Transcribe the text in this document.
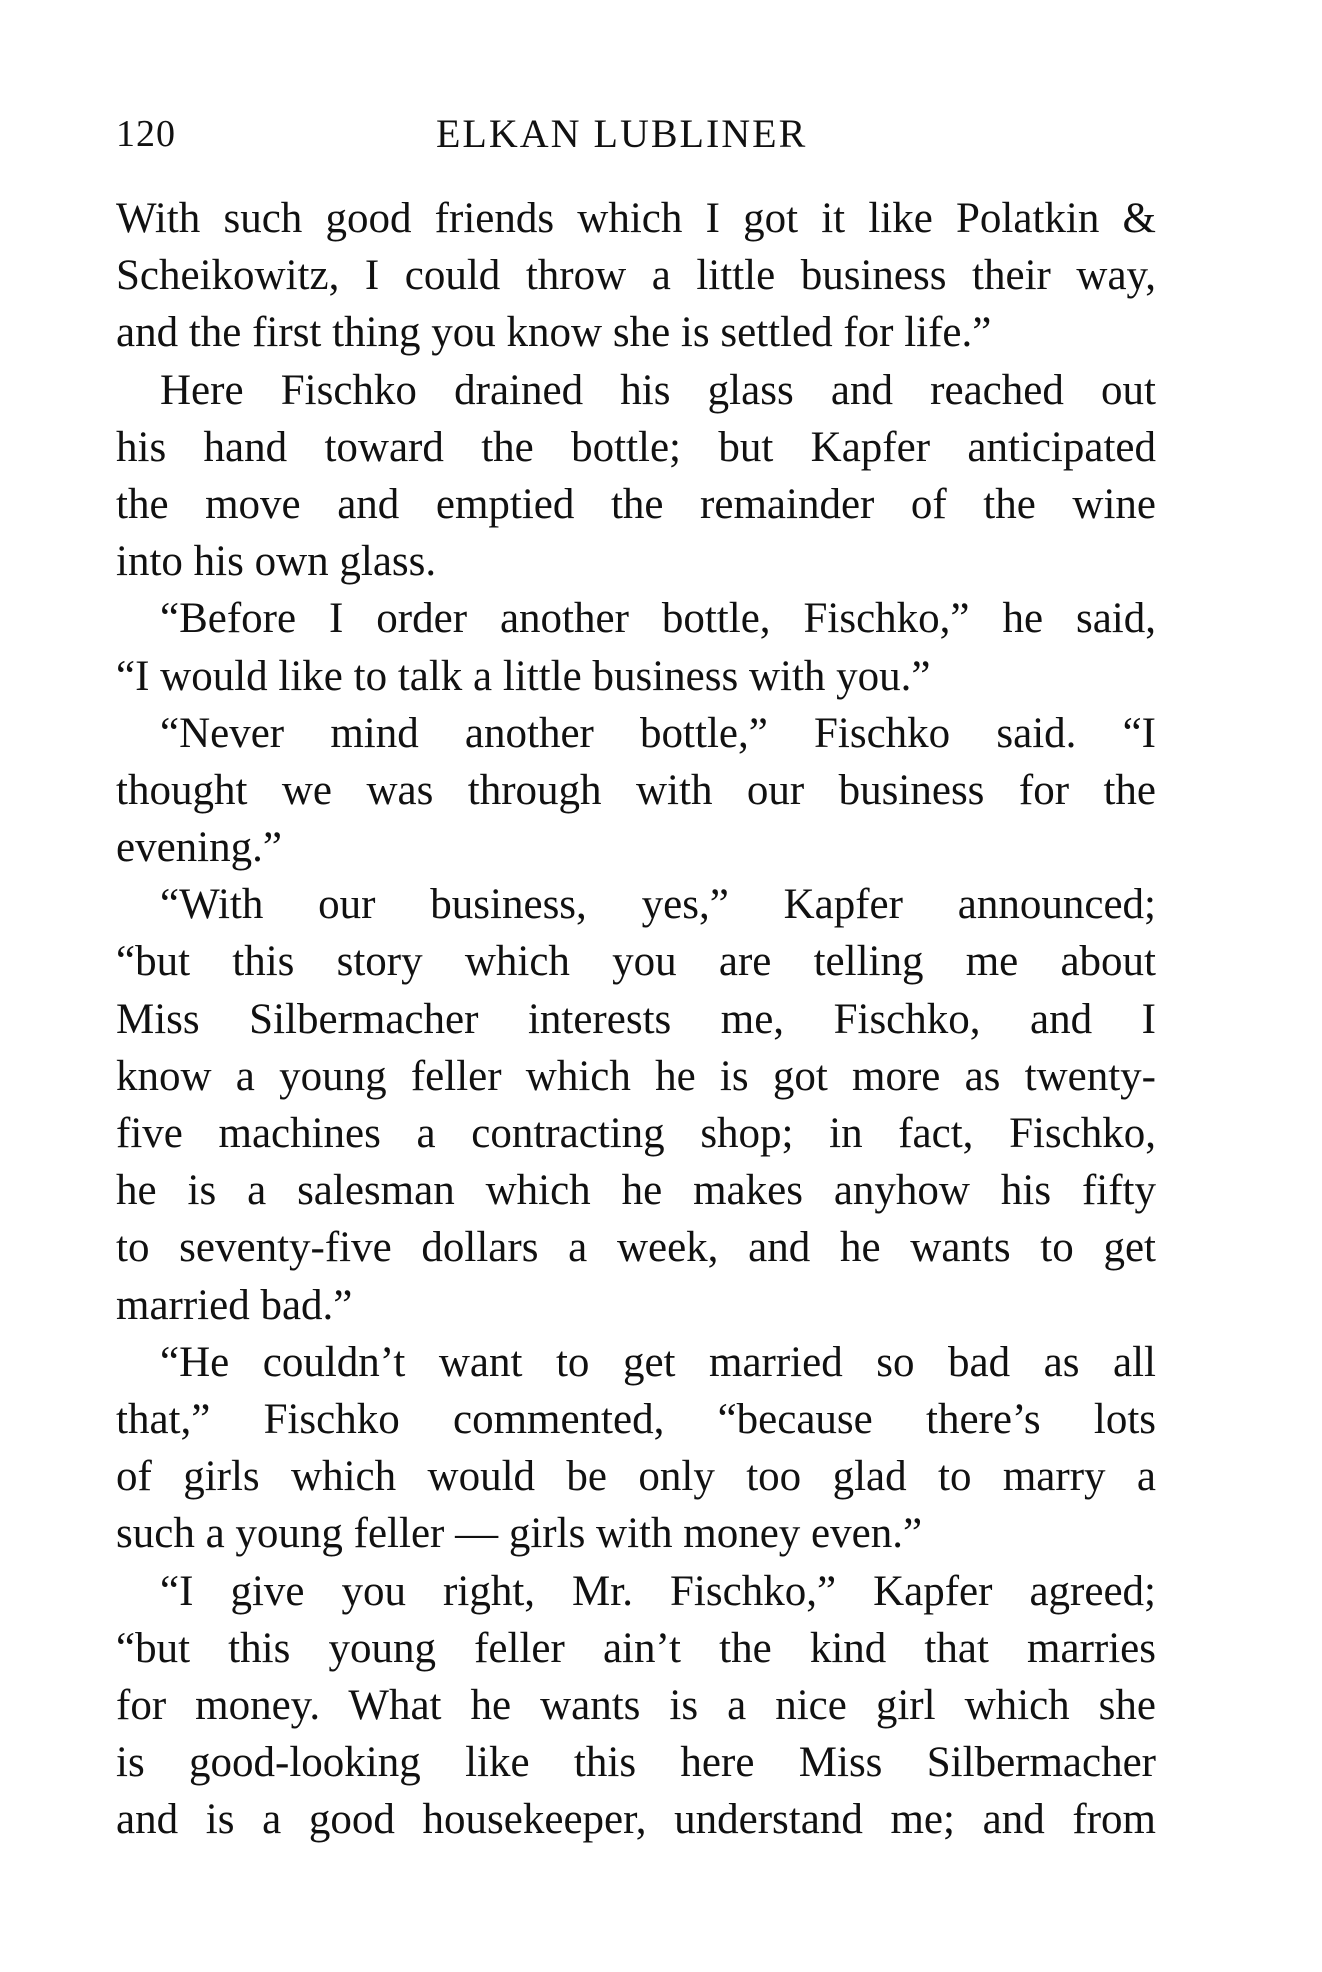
120	ELKAN LUBLINER
With such good friends which I got it like Polatkin &
Scheikowitz, I could throw a little business their way,
and the first thing you know she is settled for life.”
Here Fischko drained his glass and reached out
his hand toward the bottle; but Kapfer anticipated
the move and emptied the remainder of the wine
into his own glass.
“Before I order another bottle, Fischko,” he said,
“I would like to talk a little business with you.”
“Never mind another bottle,” Fischko said. “I
thought we was through with our business for the
evening.”
“With our business, yes,” Kapfer announced;
“but this story which you are telling me about
Miss Silbermacher interests me, Fischko, and I
know a young feller which he is got more as twenty-
five machines a contracting shop; in fact, Fischko,
he is a salesman which he makes anyhow his fifty
to seventy-five dollars a week, and he wants to get
married bad.”
“He couldn’t want to get married so bad as all
that,” Fischko commented, “because there’s lots
of girls which would be only too glad to marry a
such a young feller — girls with money even.”
“I give you right, Mr. Fischko,” Kapfer agreed;
“but this young feller ain’t the kind that marries
for money. What he wants is a nice girl which she
is good-looking like this here Miss Silbermacher
and is a good housekeeper, understand me; and from
